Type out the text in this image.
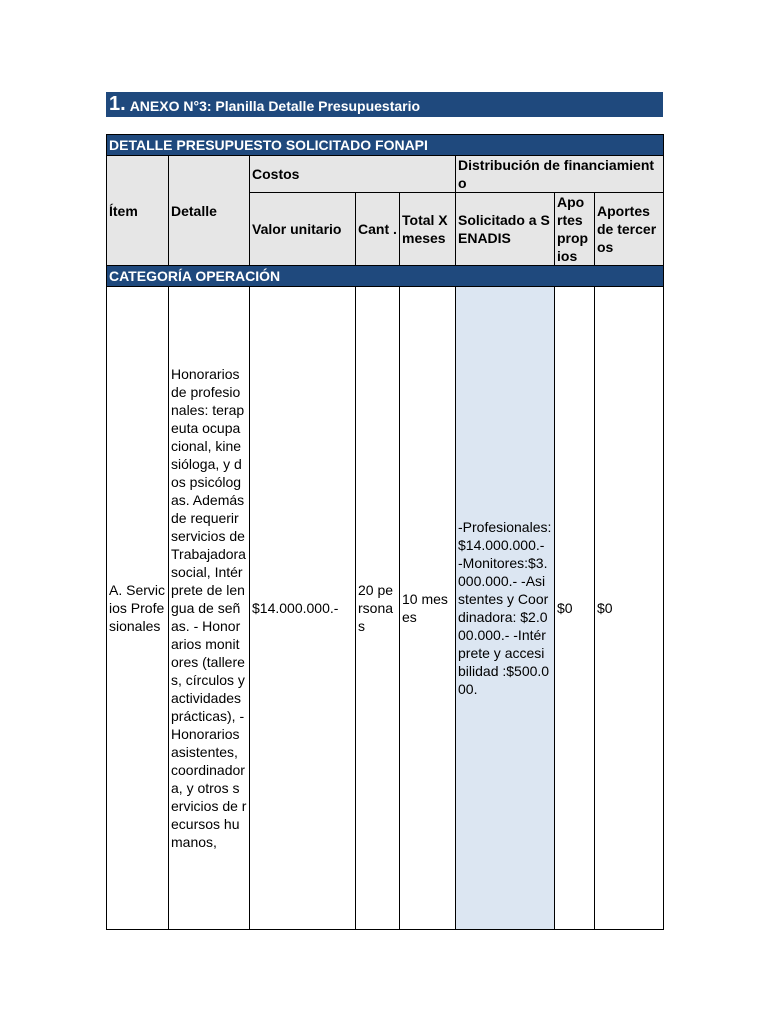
1. ANEXO N°3: Planilla Detalle Presupuestario
DETALLE PRESUPUESTO SOLICITADO FONAPI							
Ítem	Detalle	Costos			Distribución de financiamiento		
		Valor unitario	Cant .	Total X meses	Solicitado a SENADIS	Apo rtes prop ios	Aportes de terceros
CATEGORÍA OPERACIÓN							
A. Servicios Profesionales	Honorarios de profesionales: terapeuta ocupacional, kinesióloga, y dos psicólogas. Además de requerir servicios de Trabajadora social, Intérprete de lengua de señas. - Honorarios monitores (talleres, círculos y actividades prácticas), - Honorarios asistentes, coordinadora, y otros servicios de recursos humanos,	$14.000.000.-	20 personas	10 meses	-Profesionales: $14.000.000.- -Monitores:$3.000.000.- -Asistentes y Coordinadora: $2.000.000.- -Intérprete y accesibilidad :$500.000.	$0	$0
